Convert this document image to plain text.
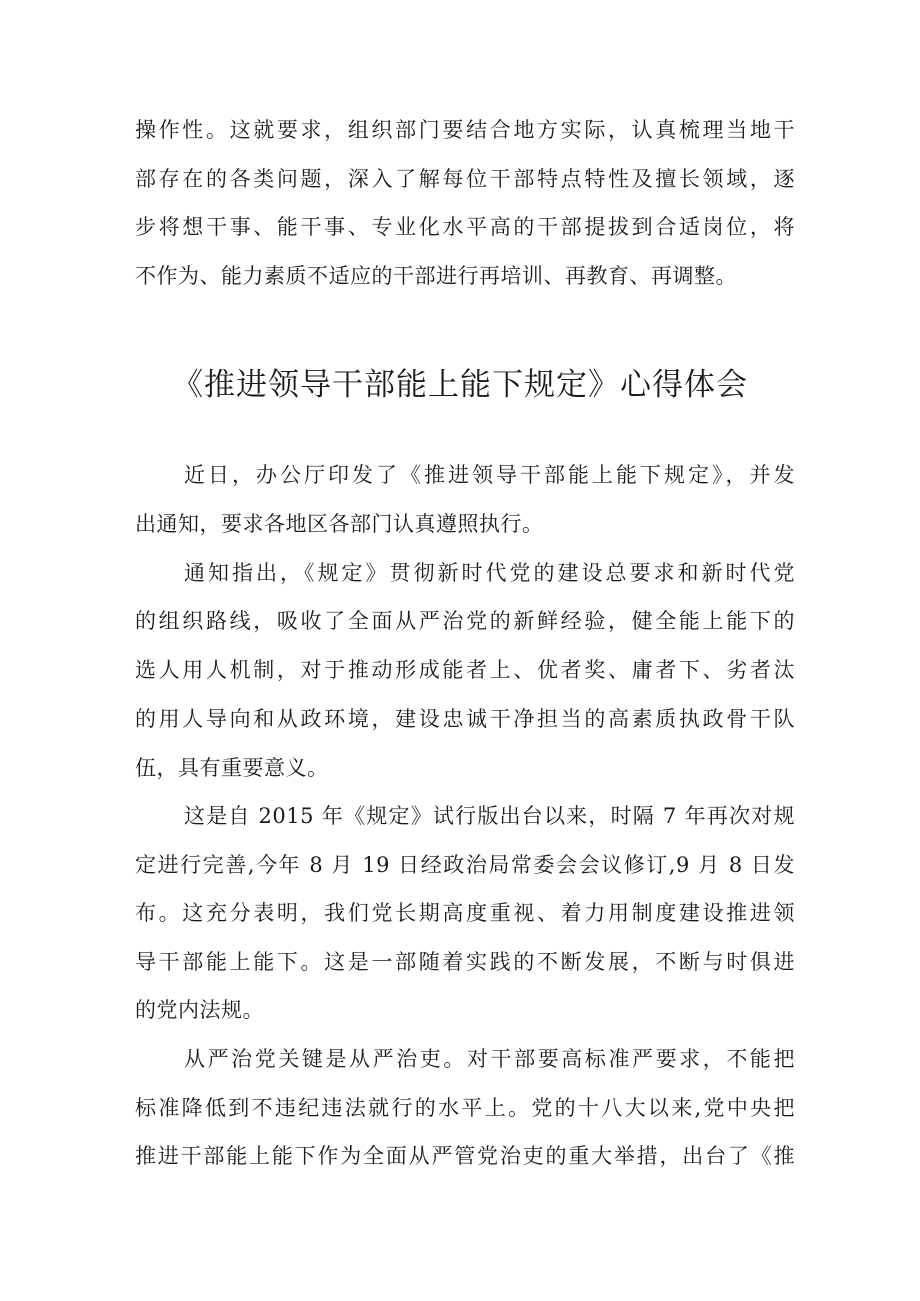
操作性。这就要求，组织部门要结合地方实际，认真梳理当地干
部存在的各类问题，深入了解每位干部特点特性及擅长领域，逐
步将想干事、能干事、专业化水平高的干部提拔到合适岗位，将
不作为、能力素质不适应的干部进行再培训、再教育、再调整。
《推进领导干部能上能下规定》心得体会
近日，办公厅印发了《推进领导干部能上能下规定》，并发
出通知，要求各地区各部门认真遵照执行。
通知指出，《规定》贯彻新时代党的建设总要求和新时代党
的组织路线，吸收了全面从严治党的新鲜经验，健全能上能下的
选人用人机制，对于推动形成能者上、优者奖、庸者下、劣者汰
的用人导向和从政环境，建设忠诚干净担当的高素质执政骨干队
伍，具有重要意义。
这是自 2015 年《规定》试行版出台以来，时隔 7 年再次对规
定进行完善,今年 8 月 19 日经政治局常委会会议修订,9 月 8 日发
布。这充分表明，我们党长期高度重视、着力用制度建设推进领
导干部能上能下。这是一部随着实践的不断发展，不断与时俱进
的党内法规。
从严治党关键是从严治吏。对干部要高标准严要求，不能把
标准降低到不违纪违法就行的水平上。党的十八大以来,党中央把
推进干部能上能下作为全面从严管党治吏的重大举措，出台了《推
